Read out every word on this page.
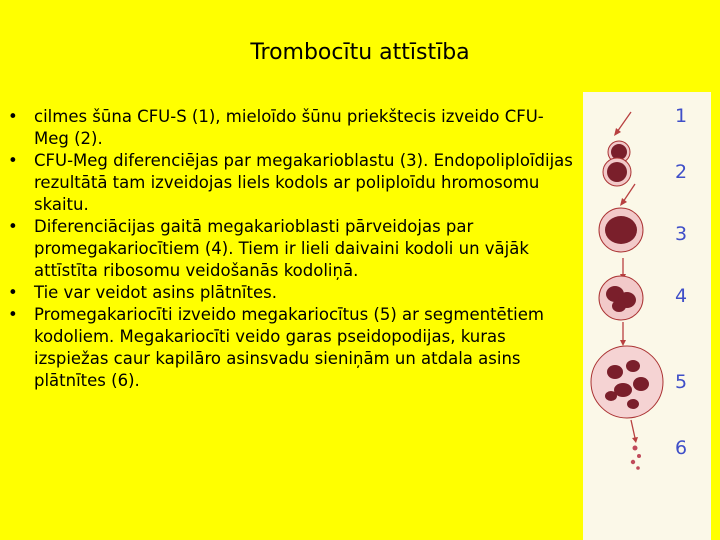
Trombocītu attīstība
• cilmes šūna CFU-S (1), mieloīdo šūnu priekštecis izveido CFU-Meg (2).
• CFU-Meg diferenciējas par megakarioblastu (3). Endopoliploīdijas rezultātā tam izveidojas liels kodols ar poliploīdu hromosomu skaitu.
• Diferenciācijas gaitā megakarioblasti pārveidojas par promegakariocītiem (4). Tiem ir lieli daivaini kodoli un vājāk attīstīta ribosomu veidošanās kodoliņā.
• Tie var veidot asins plātnītes.
• Promegakariocīti izveido megakariocītus (5) ar segmentētiem kodoliem. Megakariocīti veido garas pseidopodijas, kuras izspiežas caur kapilāro asinsvadu sieniņām un atdala asins plātnītes (6).
1
2
3
4
5
6
